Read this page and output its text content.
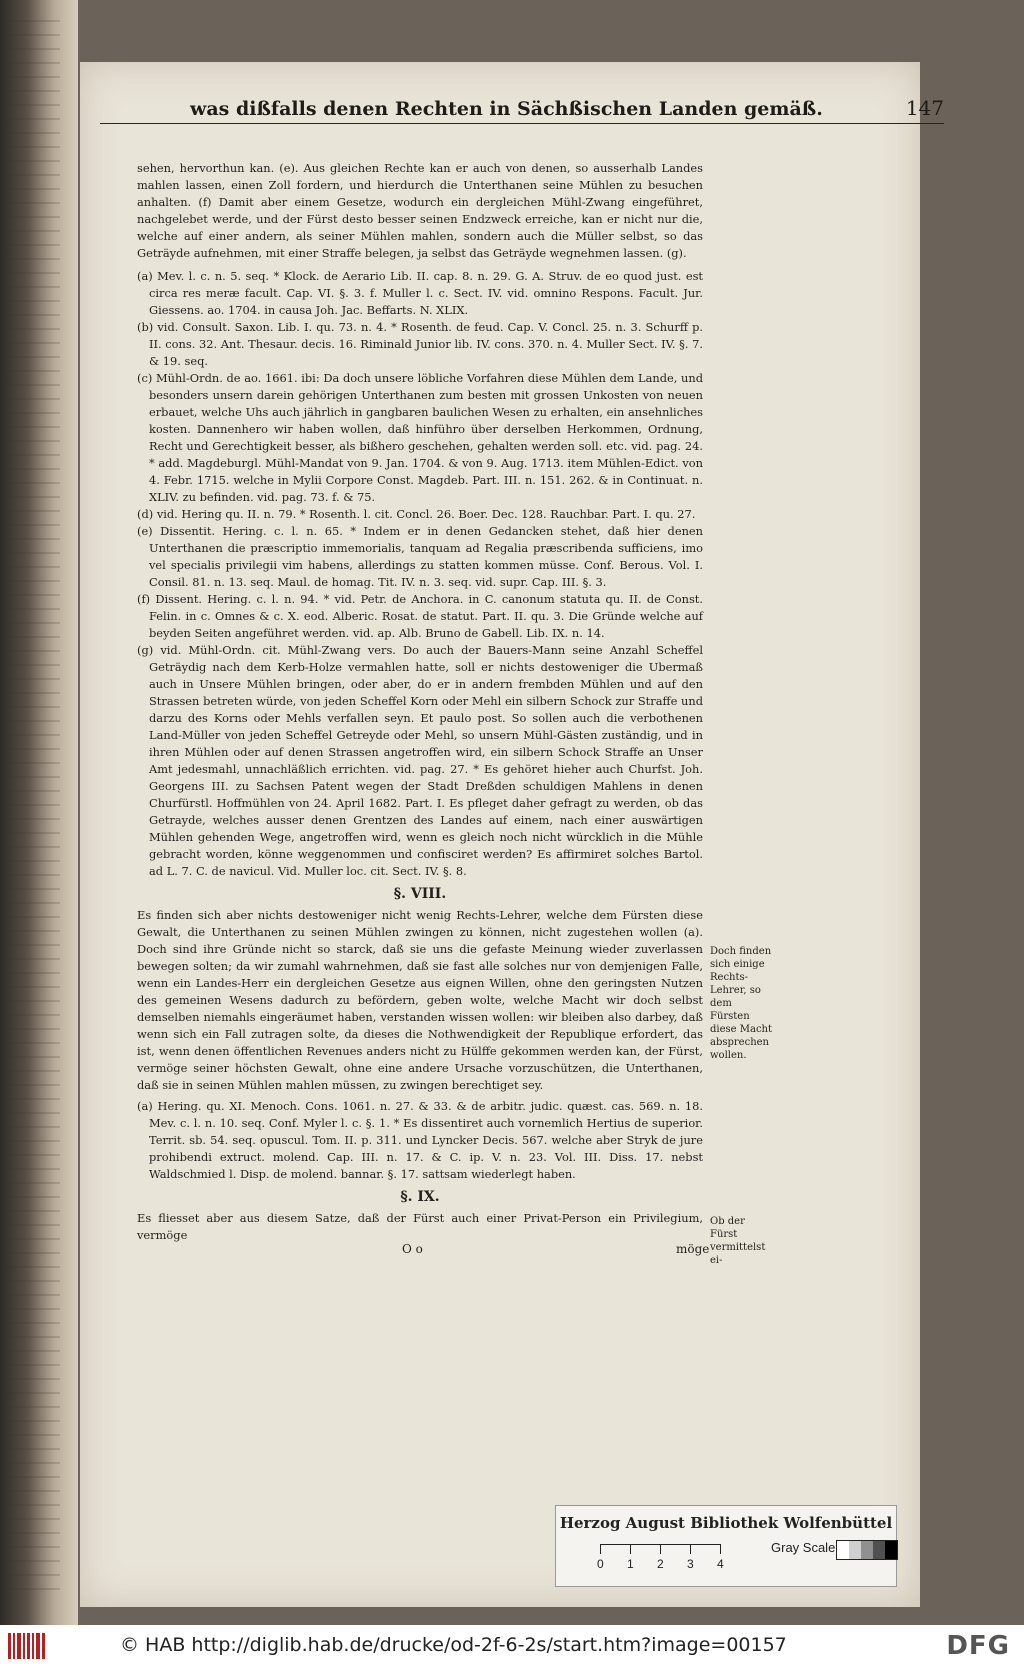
was dißfalls denen Rechten in Sächßischen Landen gemäß.	147

sehen, hervorthun kan. (e). Aus gleichen Rechte kan er auch von denen, so ausserhalb Landes mahlen lassen, einen Zoll fordern, und hierdurch die Unterthanen seine Mühlen zu besuchen anhalten. (f) Damit aber einem Gesetze, wodurch ein dergleichen Mühl-Zwang eingeführet, nachgelebet werde, und der Fürst desto besser seinen Endzweck erreiche, kan er nicht nur die, welche auf einer andern, als seiner Mühlen mahlen, sondern auch die Müller selbst, so das Geträyde aufnehmen, mit einer Straffe belegen, ja selbst das Geträyde wegnehmen lassen. (g).

(a) Mev. l. c. n. 5. seq. * Klock. de Aerario Lib. II. cap. 8. n. 29. G. A. Struv. de eo quod just. est circa res meræ facult. Cap. VI. §. 3. f. Muller l. c. Sect. IV. vid. omnino Respons. Facult. Jur. Giessens. ao. 1704. in causa Joh. Jac. Beffarts. N. XLIX.

(b) vid. Consult. Saxon. Lib. I. qu. 73. n. 4. * Rosenth. de feud. Cap. V. Concl. 25. n. 3. Schurff p. II. cons. 32. Ant. Thesaur. decis. 16. Riminald Junior lib. IV. cons. 370. n. 4. Muller Sect. IV. §. 7. & 19. seq.

(c) Mühl-Ordn. de ao. 1661. ibi: Da doch unsere löbliche Vorfahren diese Mühlen dem Lande, und besonders unsern darein gehörigen Unterthanen zum besten mit grossen Unkosten von neuen erbauet, welche Uhs auch jährlich in gangbaren baulichen Wesen zu erhalten, ein ansehnliches kosten. Dannenhero wir haben wollen, daß hinführo über derselben Herkommen, Ordnung, Recht und Gerechtigkeit besser, als bißhero geschehen, gehalten werden soll. etc. vid. pag. 24. * add. Magdeburgl. Mühl-Mandat von 9. Jan. 1704. & von 9. Aug. 1713. item Mühlen-Edict. von 4. Febr. 1715. welche in Mylii Corpore Const. Magdeb. Part. III. n. 151. 262. & in Continuat. n. XLIV. zu befinden. vid. pag. 73. f. & 75.

(d) vid. Hering qu. II. n. 79. * Rosenth. l. cit. Concl. 26. Boer. Dec. 128. Rauchbar. Part. I. qu. 27.

(e) Dissentit. Hering. c. l. n. 65. * Indem er in denen Gedancken stehet, daß hier denen Unterthanen die præscriptio immemorialis, tanquam ad Regalia præscribenda sufficiens, imo vel specialis privilegii vim habens, allerdings zu statten kommen müsse. Conf. Berous. Vol. I. Consil. 81. n. 13. seq. Maul. de homag. Tit. IV. n. 3. seq. vid. supr. Cap. III. §. 3.

(f) Dissent. Hering. c. l. n. 94. * vid. Petr. de Anchora. in C. canonum statuta qu. II. de Const. Felin. in c. Omnes & c. X. eod. Alberic. Rosat. de statut. Part. II. qu. 3. Die Gründe welche auf beyden Seiten angeführet werden. vid. ap. Alb. Bruno de Gabell. Lib. IX. n. 14.

(g) vid. Mühl-Ordn. cit. Mühl-Zwang vers. Do auch der Bauers-Mann seine Anzahl Scheffel Geträydig nach dem Kerb-Holze vermahlen hatte, soll er nichts destoweniger die Ubermaß auch in Unsere Mühlen bringen, oder aber, do er in andern frembden Mühlen und auf den Strassen betreten würde, von jeden Scheffel Korn oder Mehl ein silbern Schock zur Straffe und darzu des Korns oder Mehls verfallen seyn. Et paulo post. So sollen auch die verbothenen Land-Müller von jeden Scheffel Getreyde oder Mehl, so unsern Mühl-Gästen zuständig, und in ihren Mühlen oder auf denen Strassen angetroffen wird, ein silbern Schock Straffe an Unser Amt jedesmahl, unnachläßlich errichten. vid. pag. 27. * Es gehöret hieher auch Churfst. Joh. Georgens III. zu Sachsen Patent wegen der Stadt Dreßden schuldigen Mahlens in denen Churfürstl. Hoffmühlen von 24. April 1682. Part. I. Es pfleget daher gefragt zu werden, ob das Getrayde, welches ausser denen Grentzen des Landes auf einem, nach einer auswärtigen Mühlen gehenden Wege, angetroffen wird, wenn es gleich noch nicht würcklich in die Mühle gebracht worden, könne weggenommen und confisciret werden? Es affirmiret solches Bartol. ad L. 7. C. de navicul. Vid. Muller loc. cit. Sect. IV. §. 8.

§. VIII.

Es finden sich aber nichts destoweniger nicht wenig Rechts-Lehrer, welche dem Fürsten diese Gewalt, die Unterthanen zu seinen Mühlen zwingen zu können, nicht zugestehen wollen (a). Doch sind ihre Gründe nicht so starck, daß sie uns die gefaste Meinung wieder zuverlassen bewegen solten; da wir zumahl wahrnehmen, daß sie fast alle solches nur von demjenigen Falle, wenn ein Landes-Herr ein dergleichen Gesetze aus eignen Willen, ohne den geringsten Nutzen des gemeinen Wesens dadurch zu befördern, geben wolte, welche Macht wir doch selbst demselben niemahls eingeräumet haben, verstanden wissen wollen: wir bleiben also darbey, daß wenn sich ein Fall zutragen solte, da dieses die Nothwendigkeit der Republique erfordert, das ist, wenn denen öffentlichen Revenues anders nicht zu Hülffe gekommen werden kan, der Fürst, vermöge seiner höchsten Gewalt, ohne eine andere Ursache vorzuschützen, die Unterthanen, daß sie in seinen Mühlen mahlen müssen, zu zwingen berechtiget sey.

(a) Hering. qu. XI. Menoch. Cons. 1061. n. 27. & 33. & de arbitr. judic. quæst. cas. 569. n. 18. Mev. c. l. n. 10. seq. Conf. Myler l. c. §. 1. * Es dissentiret auch vornemlich Hertius de superior. Territ. sb. 54. seq. opuscul. Tom. II. p. 311. und Lyncker Decis. 567. welche aber Stryk de jure prohibendi extruct. molend. Cap. III. n. 17. & C. ip. V. n. 23. Vol. III. Diss. 17. nebst Waldschmied l. Disp. de molend. bannar. §. 17. sattsam wiederlegt haben.

§. IX.

Es fliesset aber aus diesem Satze, daß der Fürst auch einer Privat-Person ein Privilegium, vermöge

Doch finden sich einige Rechts-Lehrer, so dem Fürsten diese Macht absprechen wollen.
Ob der Fürst vermittelst ei-
O o	möge
Herzog August Bibliothek Wolfenbüttel
0 1 2 3 4
Gray Scale
© HAB http://diglib.hab.de/drucke/od-2f-6-2s/start.htm?image=00157	DFG
